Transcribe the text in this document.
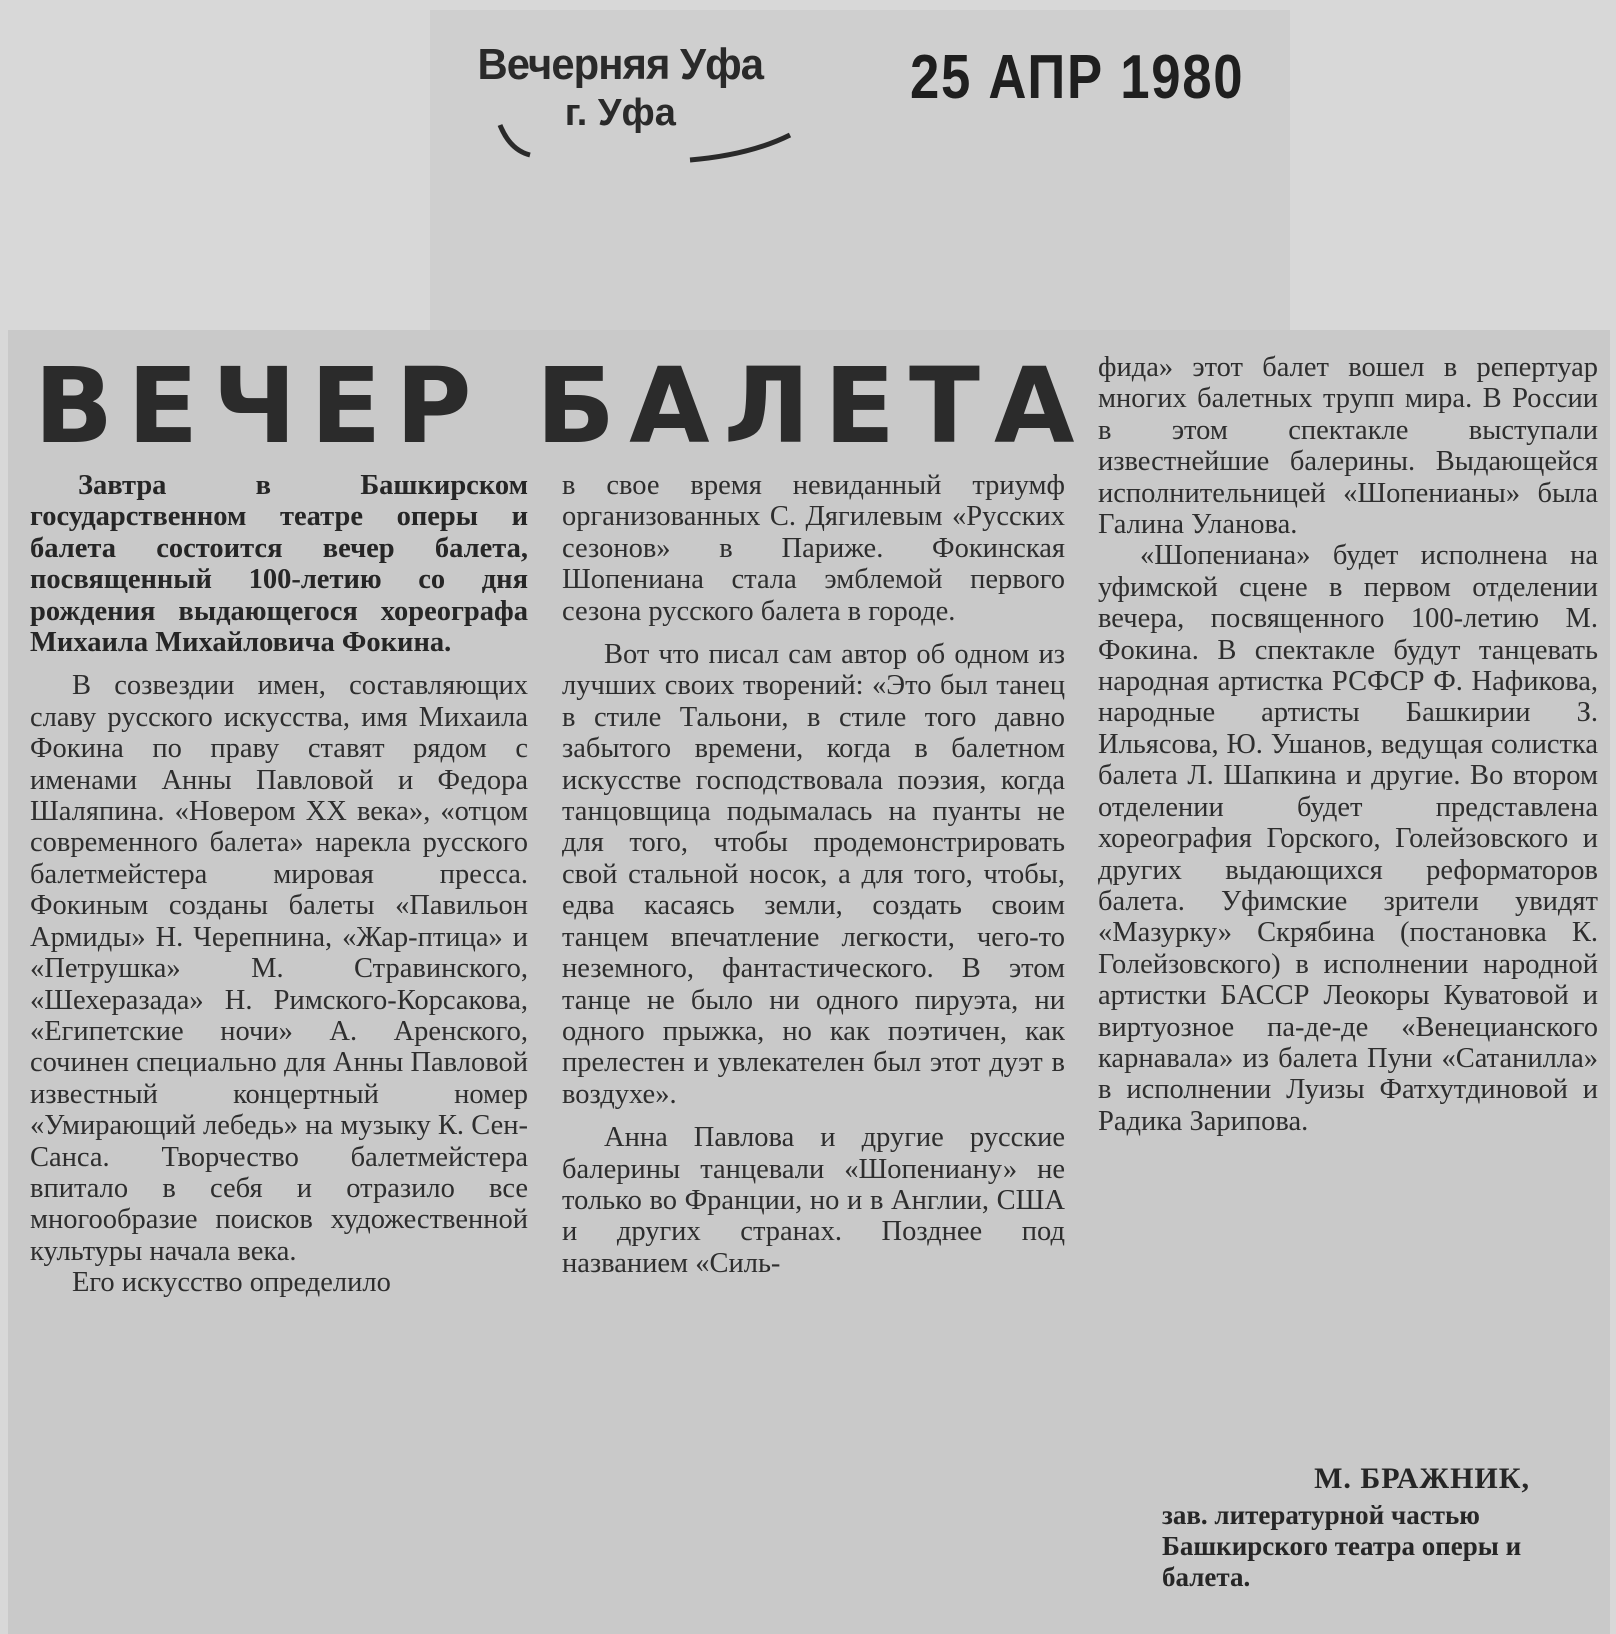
Вечерняя Уфа
г. Уфа
25 АПР 1980
ВЕЧЕР БАЛЕТА

Завтра в Башкирском государственном театре оперы и балета состоится вечер балета, посвященный 100-летию со дня рождения выдающегося хореографа Михаила Михайловича Фокина.

В созвездии имен, составляющих славу русского искусства, имя Михаила Фокина по праву ставят рядом с именами Анны Павловой и Федора Шаляпина. «Новером XX века», «отцом современного балета» нарекла русского балетмейстера мировая пресса. Фокиным созданы балеты «Павильон Армиды» Н. Черепнина, «Жар-птица» и «Петрушка» М. Стравинского, «Шехеразада» Н. Римского-Корсакова, «Египетские ночи» А. Аренского, сочинен специально для Анны Павловой известный концертный номер «Умирающий лебедь» на музыку К. Сен-Санса. Творчество балетмейстера впитало в себя и отразило все многообразие поисков художественной культуры начала века.

Его искусство определило

в свое время невиданный триумф организованных С. Дягилевым «Русских сезонов» в Париже. Фокинская Шопениана стала эмблемой первого сезона русского балета в городе.

Вот что писал сам автор об одном из лучших своих творений: «Это был танец в стиле Тальони, в стиле того давно забытого времени, когда в балетном искусстве господствовала поэзия, когда танцовщица подымалась на пуанты не для того, чтобы продемонстрировать свой стальной носок, а для того, чтобы, едва касаясь земли, создать своим танцем впечатление легкости, чего-то неземного, фантастического. В этом танце не было ни одного пируэта, ни одного прыжка, но как поэтичен, как прелестен и увлекателен был этот дуэт в воздухе».

Анна Павлова и другие русские балерины танцевали «Шопениану» не только во Франции, но и в Англии, США и других странах. Позднее под названием «Силь-

фида» этот балет вошел в репертуар многих балетных трупп мира. В России в этом спектакле выступали известнейшие балерины. Выдающейся исполнительницей «Шопенианы» была Галина Уланова.

«Шопениана» будет исполнена на уфимской сцене в первом отделении вечера, посвященного 100-летию М. Фокина. В спектакле будут танцевать народная артистка РСФСР Ф. Нафикова, народные артисты Башкирии З. Ильясова, Ю. Ушанов, ведущая солистка балета Л. Шапкина и другие. Во втором отделении будет представлена хореография Горского, Голейзовского и других выдающихся реформаторов балета. Уфимские зрители увидят «Мазурку» Скрябина (постановка К. Голейзовского) в исполнении народной артистки БАССР Леокоры Куватовой и виртуозное па-де-де «Венецианского карнавала» из балета Пуни «Сатанилла» в исполнении Луизы Фатхутдиновой и Радика Зарипова.

М. БРАЖНИК,
зав. литературной частью Башкирского театра оперы и балета.
